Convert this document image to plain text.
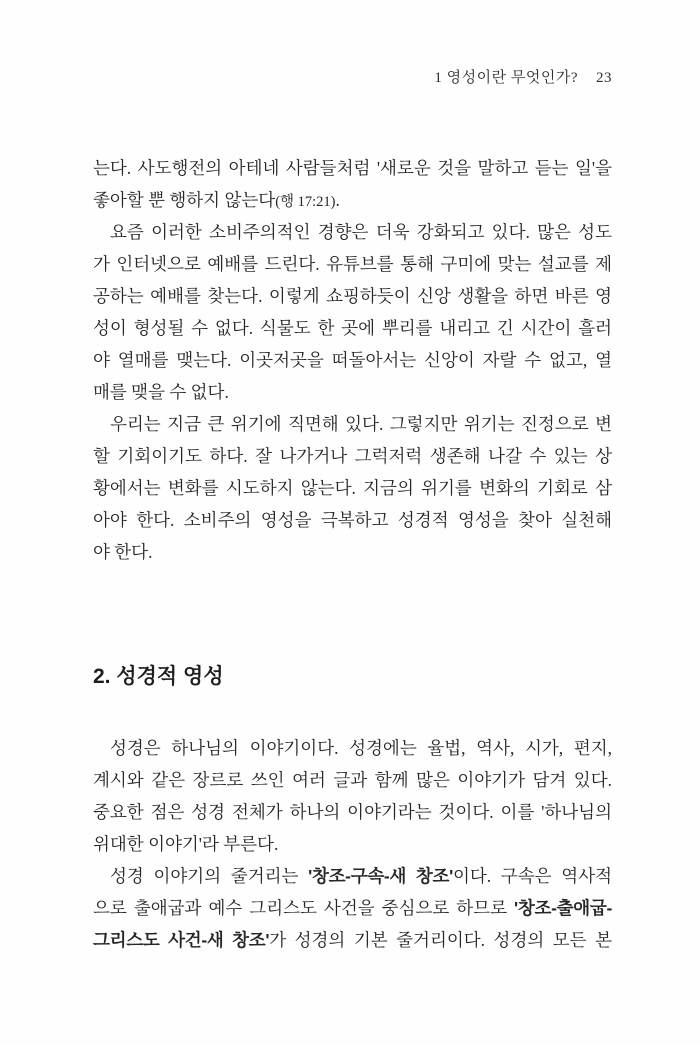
1 영성이란 무엇인가? 23
는다. 사도행전의 아테네 사람들처럼 '새로운 것을 말하고 듣는 일'을
좋아할 뿐 행하지 않는다(행 17:21).
요즘 이러한 소비주의적인 경향은 더욱 강화되고 있다. 많은 성도
가 인터넷으로 예배를 드린다. 유튜브를 통해 구미에 맞는 설교를 제
공하는 예배를 찾는다. 이렇게 쇼핑하듯이 신앙 생활을 하면 바른 영
성이 형성될 수 없다. 식물도 한 곳에 뿌리를 내리고 긴 시간이 흘러
야 열매를 맺는다. 이곳저곳을 떠돌아서는 신앙이 자랄 수 없고, 열
매를 맺을 수 없다.
우리는 지금 큰 위기에 직면해 있다. 그렇지만 위기는 진정으로 변
할 기회이기도 하다. 잘 나가거나 그럭저럭 생존해 나갈 수 있는 상
황에서는 변화를 시도하지 않는다. 지금의 위기를 변화의 기회로 삼
아야 한다. 소비주의 영성을 극복하고 성경적 영성을 찾아 실천해
야 한다.
2. 성경적 영성
성경은 하나님의 이야기이다. 성경에는 율법, 역사, 시가, 편지,
계시와 같은 장르로 쓰인 여러 글과 함께 많은 이야기가 담겨 있다.
중요한 점은 성경 전체가 하나의 이야기라는 것이다. 이를 '하나님의
위대한 이야기'라 부른다.
성경 이야기의 줄거리는 '창조-구속-새 창조'이다. 구속은 역사적
으로 출애굽과 예수 그리스도 사건을 중심으로 하므로 '창조-출애굽-
그리스도 사건-새 창조'가 성경의 기본 줄거리이다. 성경의 모든 본
